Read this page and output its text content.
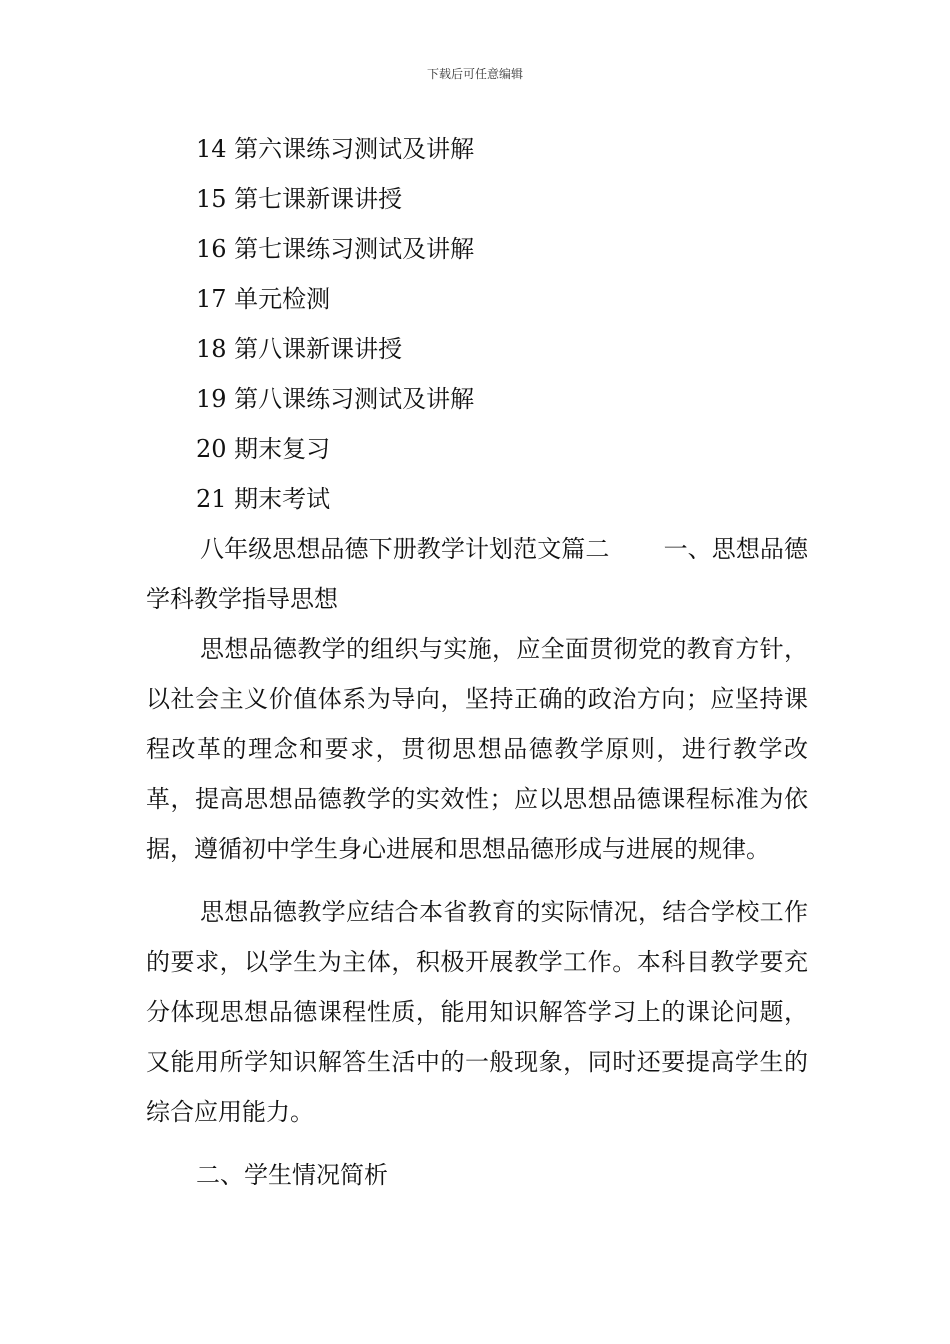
下载后可任意编辑
14 第六课练习测试及讲解
15 第七课新课讲授
16 第七课练习测试及讲解
17 单元检测
18 第八课新课讲授
19 第八课练习测试及讲解
20 期末复习
21 期末考试

八年级思想品德下册教学计划范文篇二 一、思想品德学科教学指导思想

思想品德教学的组织与实施，应全面贯彻党的教育方针，以社会主义价值体系为导向，坚持正确的政治方向；应坚持课程改革的理念和要求，贯彻思想品德教学原则，进行教学改革，提高思想品德教学的实效性；应以思想品德课程标准为依据，遵循初中学生身心进展和思想品德形成与进展的规律。

思想品德教学应结合本省教育的实际情况，结合学校工作的要求，以学生为主体，积极开展教学工作。本科目教学要充分体现思想品德课程性质，能用知识解答学习上的课论问题，又能用所学知识解答生活中的一般现象，同时还要提高学生的综合应用能力。

二、学生情况简析
